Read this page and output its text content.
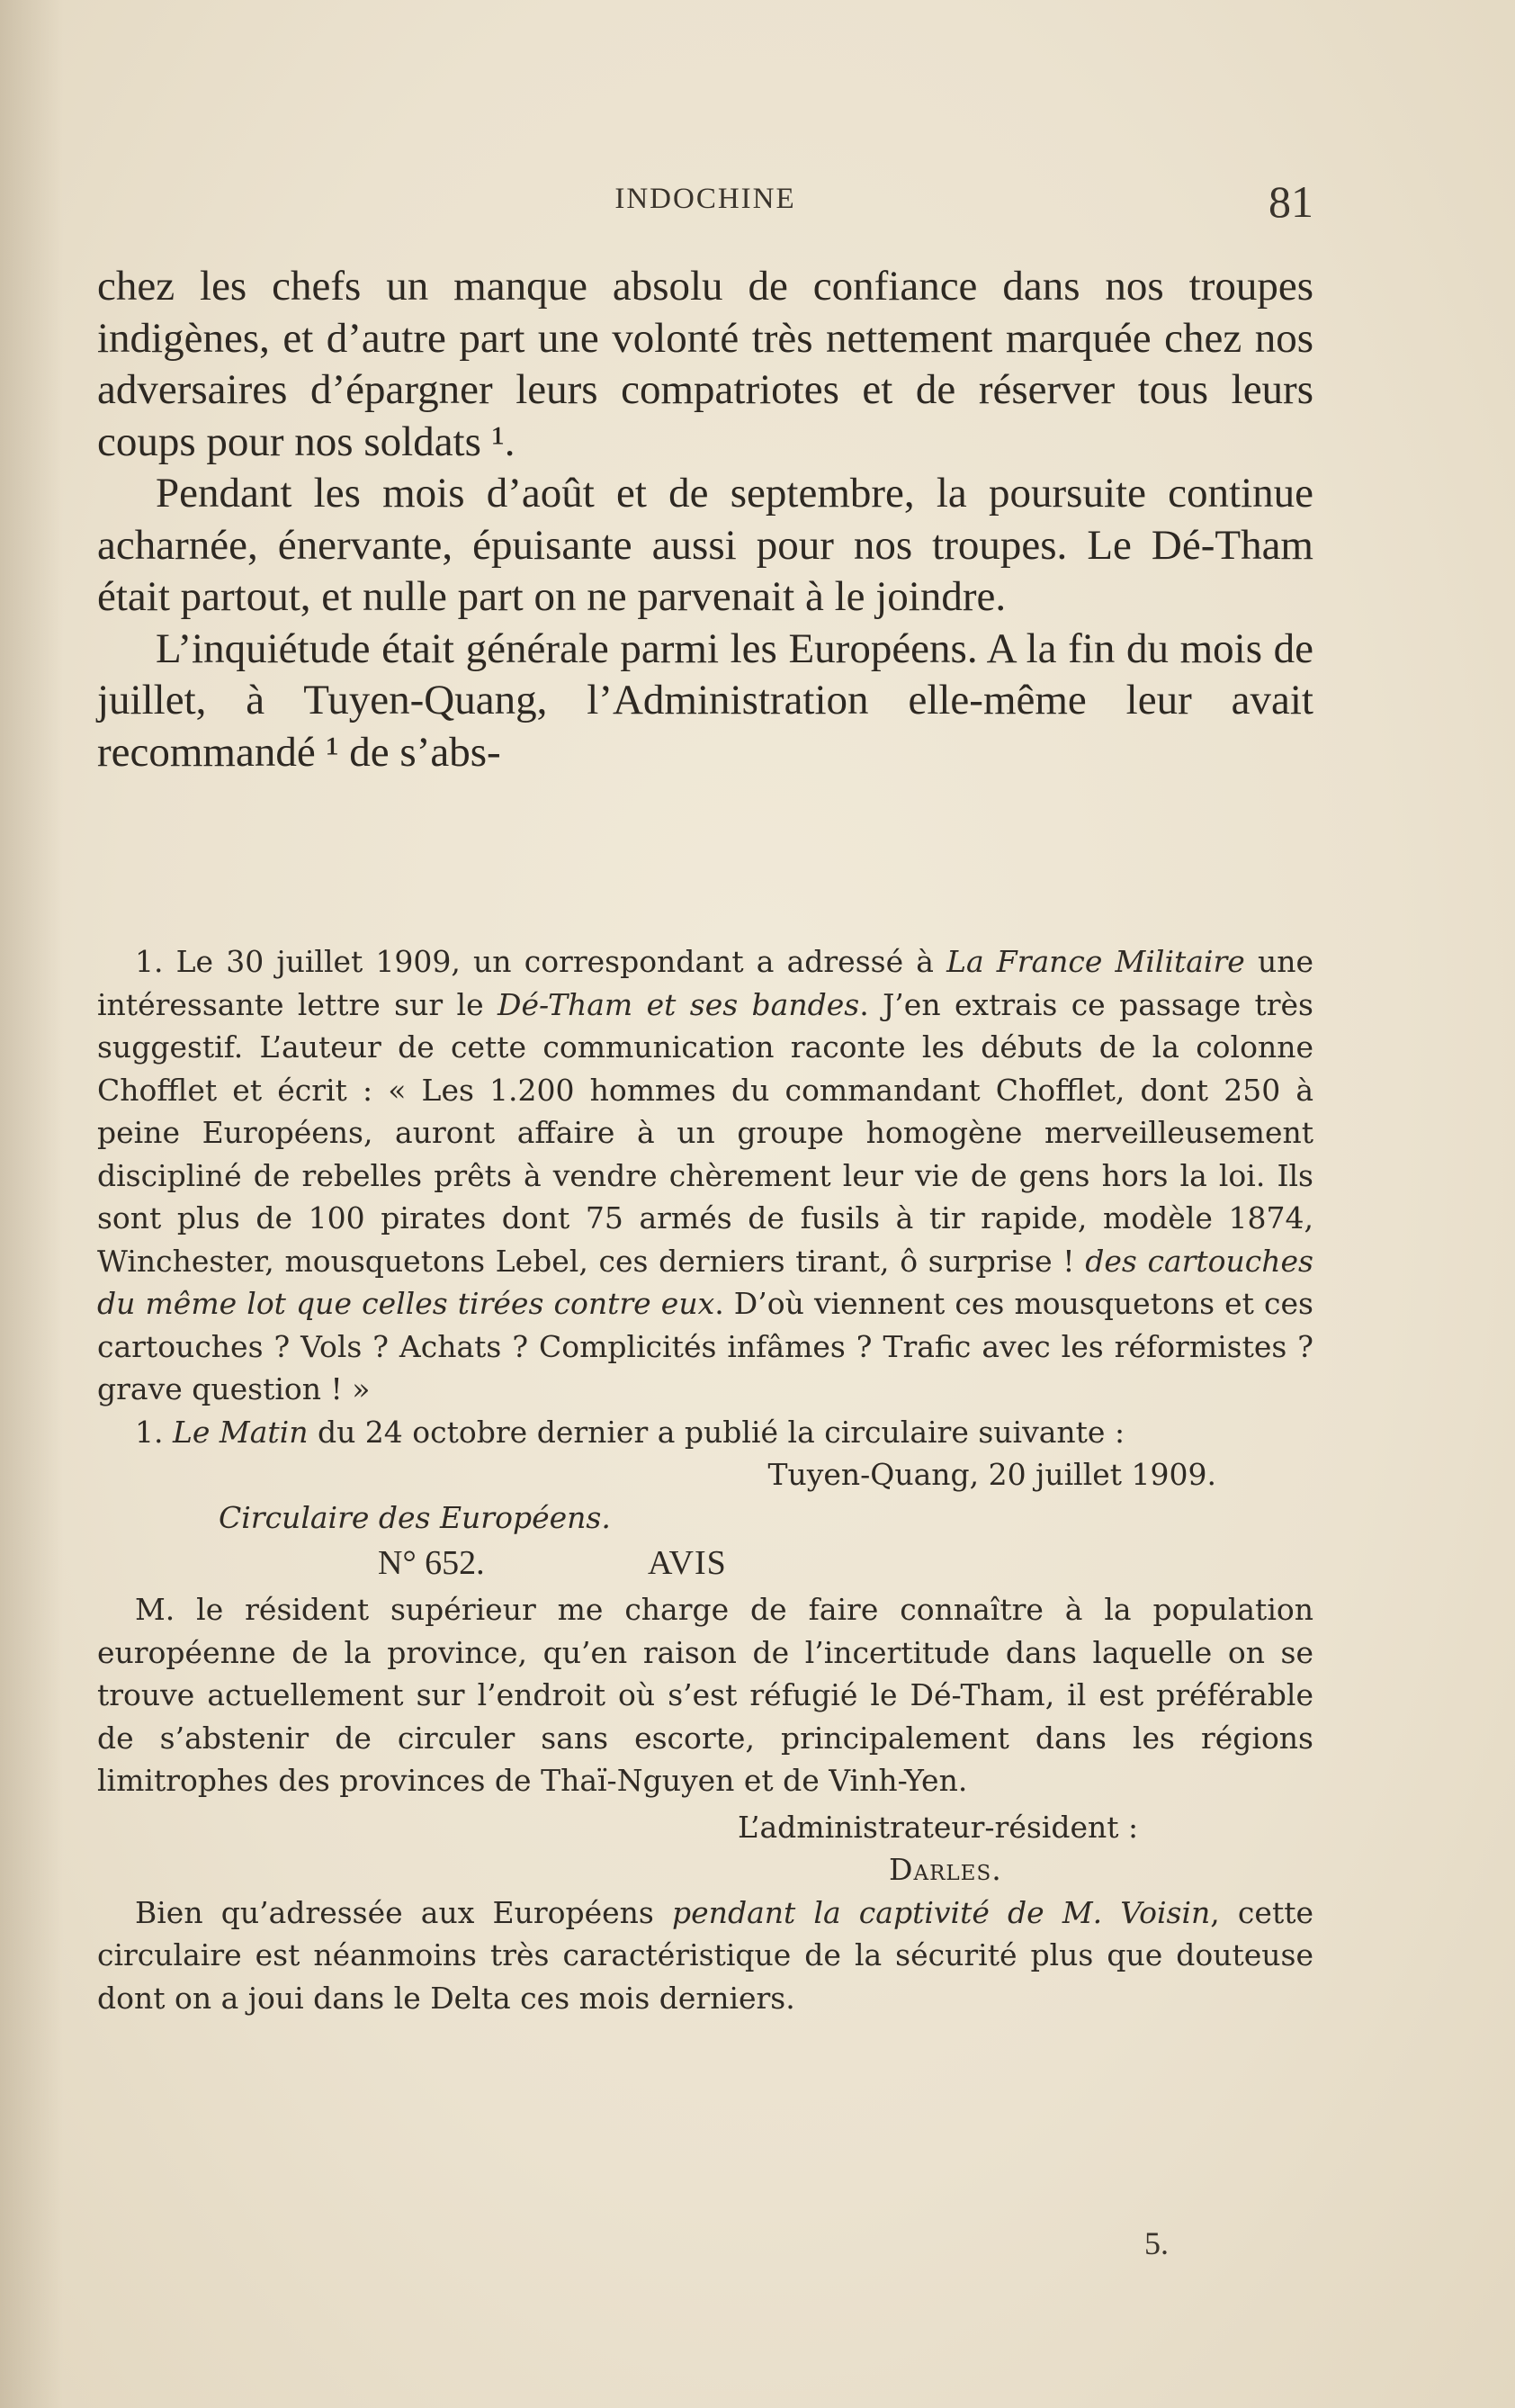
INDOCHINE	81

chez les chefs un manque absolu de confiance dans nos troupes indigènes, et d’autre part une volonté très nettement marquée chez nos adversaires d’épargner leurs compatriotes et de réserver tous leurs coups pour nos soldats ¹.

Pendant les mois d’août et de septembre, la poursuite continue acharnée, énervante, épuisante aussi pour nos troupes. Le Dé-Tham était partout, et nulle part on ne parvenait à le joindre.

L’inquiétude était générale parmi les Européens. A la fin du mois de juillet, à Tuyen-Quang, l’Administration elle-même leur avait recommandé ¹ de s’abs-

1. Le 30 juillet 1909, un correspondant a adressé à La France Militaire une intéressante lettre sur le Dé-Tham et ses bandes. J’en extrais ce passage très suggestif. L’auteur de cette communication raconte les débuts de la colonne Chofflet et écrit : « Les 1.200 hommes du commandant Chofflet, dont 250 à peine Européens, auront affaire à un groupe homogène merveilleusement discipliné de rebelles prêts à vendre chèrement leur vie de gens hors la loi. Ils sont plus de 100 pirates dont 75 armés de fusils à tir rapide, modèle 1874, Winchester, mousquetons Lebel, ces derniers tirant, ô surprise ! des cartouches du même lot que celles tirées contre eux. D’où viennent ces mousquetons et ces cartouches ? Vols ? Achats ? Complicités infâmes ? Trafic avec les réformistes ? grave question ! »

1. Le Matin du 24 octobre dernier a publié la circulaire suivante :

Tuyen-Quang, 20 juillet 1909.

Circulaire des Européens.

N° 652.	AVIS

M. le résident supérieur me charge de faire connaître à la population européenne de la province, qu’en raison de l’incertitude dans laquelle on se trouve actuellement sur l’endroit où s’est réfugié le Dé-Tham, il est préférable de s’abstenir de circuler sans escorte, principalement dans les régions limitrophes des provinces de Thaï-Nguyen et de Vinh-Yen.

L’administrateur-résident :

Darles.

Bien qu’adressée aux Européens pendant la captivité de M. Voisin, cette circulaire est néanmoins très caractéristique de la sécurité plus que douteuse dont on a joui dans le Delta ces mois derniers.

5.
